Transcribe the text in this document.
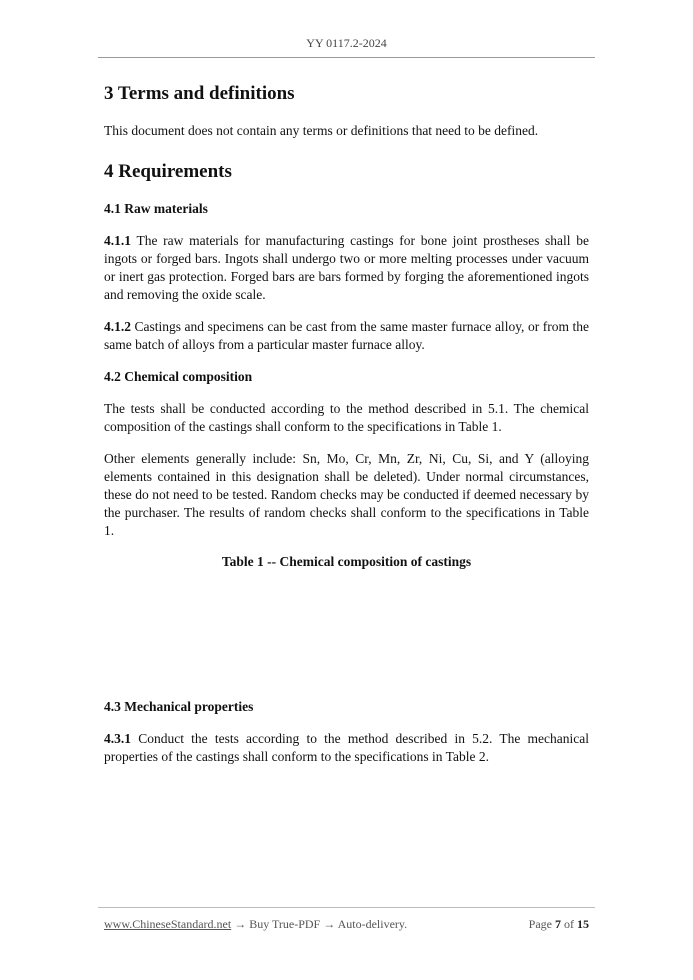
YY 0117.2-2024
3 Terms and definitions

This document does not contain any terms or definitions that need to be defined.

4 Requirements
4.1 Raw materials

4.1.1 The raw materials for manufacturing castings for bone joint prostheses shall be ingots or forged bars. Ingots shall undergo two or more melting processes under vacuum or inert gas protection. Forged bars are bars formed by forging the aforementioned ingots and removing the oxide scale.

4.1.2 Castings and specimens can be cast from the same master furnace alloy, or from the same batch of alloys from a particular master furnace alloy.

4.2 Chemical composition

The tests shall be conducted according to the method described in 5.1. The chemical composition of the castings shall conform to the specifications in Table 1.

Other elements generally include: Sn, Mo, Cr, Mn, Zr, Ni, Cu, Si, and Y (alloying elements contained in this designation shall be deleted). Under normal circumstances, these do not need to be tested. Random checks may be conducted if deemed necessary by the purchaser. The results of random checks shall conform to the specifications in Table 1.

Table 1 -- Chemical composition of castings

4.3 Mechanical properties

4.3.1 Conduct the tests according to the method described in 5.2. The mechanical properties of the castings shall conform to the specifications in Table 2.

www.ChineseStandard.net → Buy True-PDF → Auto-delivery.	Page 7 of 15
